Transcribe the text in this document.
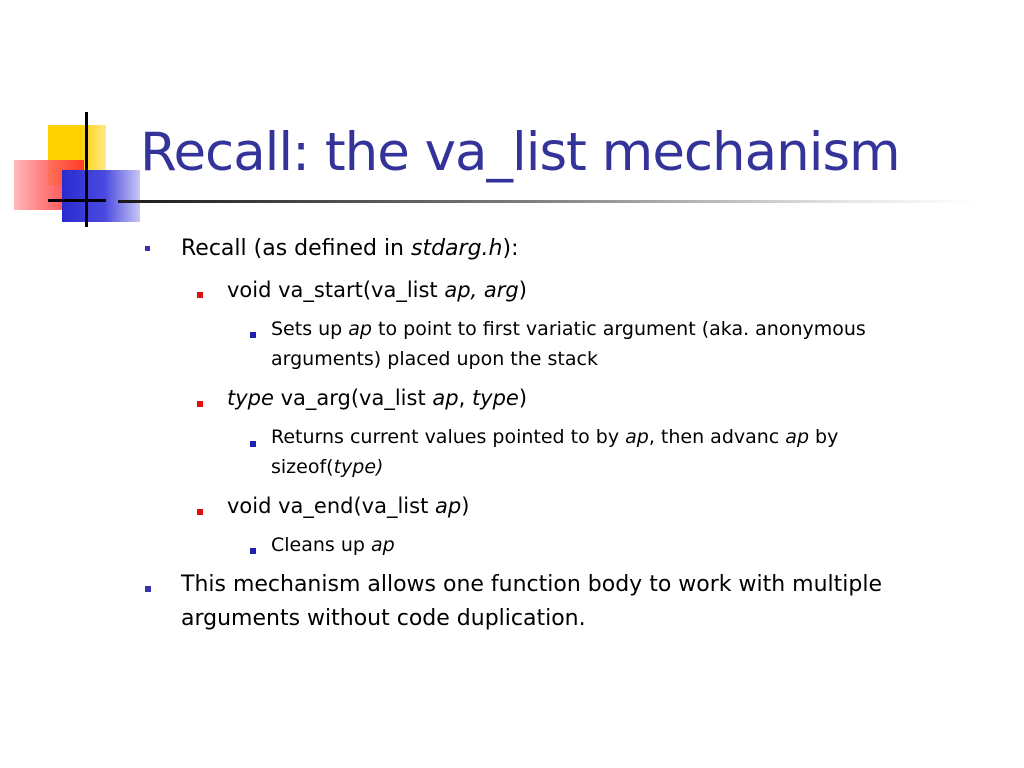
Recall: the va_list mechanism
Recall (as defined in stdarg.h):
void va_start(va_list ap, arg)
Sets up ap to point to first variatic argument (aka. anonymous
arguments) placed upon the stack
type va_arg(va_list ap, type)
Returns current values pointed to by ap, then advanc ap by
sizeof(type)
void va_end(va_list ap)
Cleans up ap
This mechanism allows one function body to work with multiple
arguments without code duplication.
